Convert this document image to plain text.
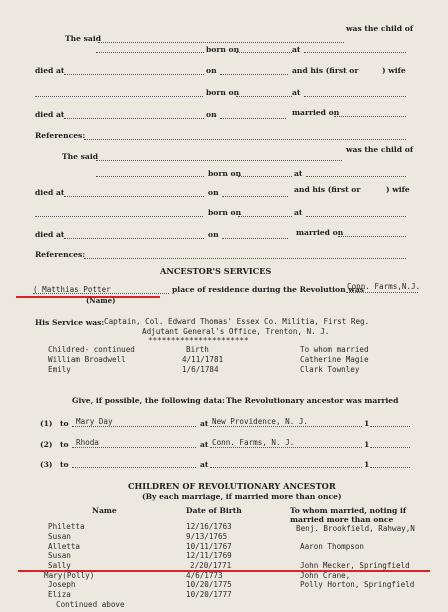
The said
was the child of
born on	at
died at	on	and his (first or	) wife
born on	at
died at	on	married on
References:
The said
was the child of
born on	at
died at	on	and his (first or	) wife
born on	at
died at	on	married on
References:
ANCESTOR'S SERVICES
( Matthias Potter
(Name)
place of residence during the Revolution was
Conn. Farms,N.J.
His Service was: Captain, Col. Edward Thomas' Essex Co. Militia, First Reg.
Adjutant General's Office, Trenton, N. J.
**********************
Childred- continued	Birth	To whom married
William Broadwell	4/11/1781	Catherine Magie
Emily	1/6/1784	Clark Townley
Give, if possible, the following data: The Revolutionary ancestor was married
(1) to Mary Day	at New Providence, N. J.	1
(2) to Rhoda	at Conn. Farms, N. J.	1
(3) to	at	1
CHILDREN OF REVOLUTIONARY ANCESTOR
(By each marriage, if married more than once)
Name	Date of Birth	To whom married, noting if
married more than once
Philetta	12/16/1763	Benj. Brookfield, Rahway,N
Susan	9/13/1765
Alletta	10/11/1767	Aaron Thompson
Susan	12/11/1769
Sally	2/20/1771	John Mecker, Springfield
Mary(Polly)	4/6/1773	John Crane,
Joseph	10/20/1775	Polly Horton, Springfield
Eliza	10/20/1777
Continued above
